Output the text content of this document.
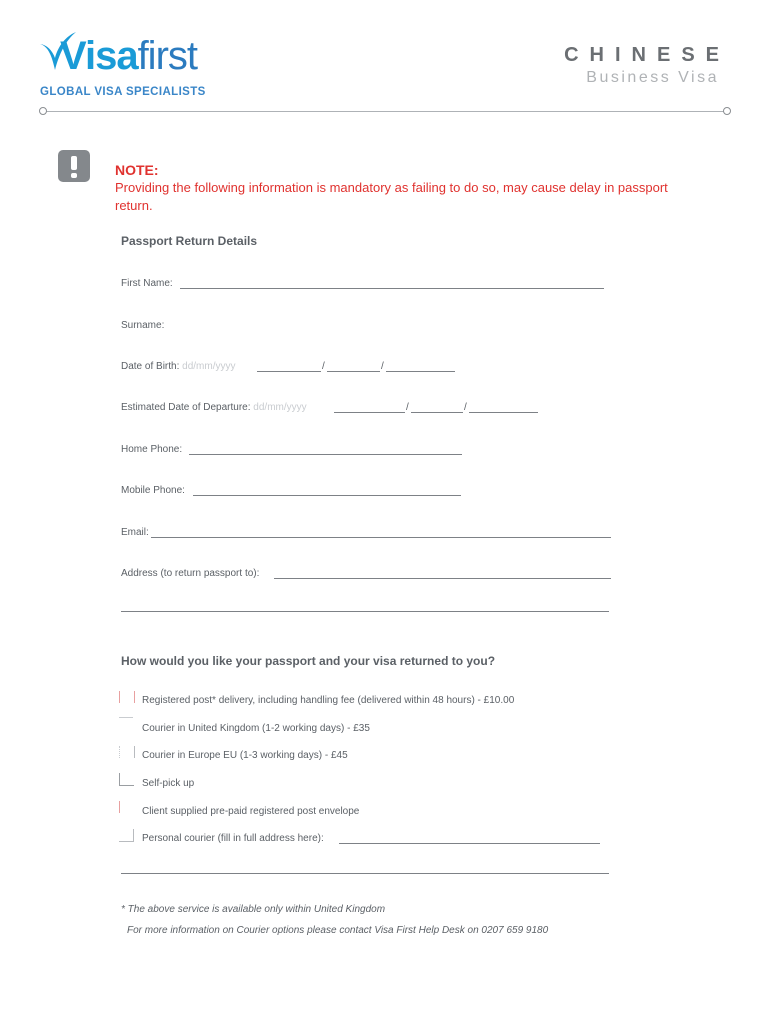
Visafirst
GLOBAL VISA SPECIALISTS
CHINESE
Business Visa
NOTE:
Providing the following information is mandatory as failing to do so, may cause delay in passport return.
Passport Return Details
First Name:
Surname:
Date of Birth: dd/mm/yyyy	/	/
Estimated Date of Departure: dd/mm/yyyy	/	/
Home Phone:
Mobile Phone:
Email:
Address (to return passport to):
How would you like your passport and your visa returned to you?
Registered post* delivery, including handling fee (delivered within 48 hours) - £10.00
Courier in United Kingdom (1-2 working days) - £35
Courier in Europe EU (1-3 working days) - £45
Self-pick up
Client supplied pre-paid registered post envelope
Personal courier (fill in full address here):
* The above service is available only within United Kingdom
For more information on Courier options please contact Visa First Help Desk on 0207 659 9180
